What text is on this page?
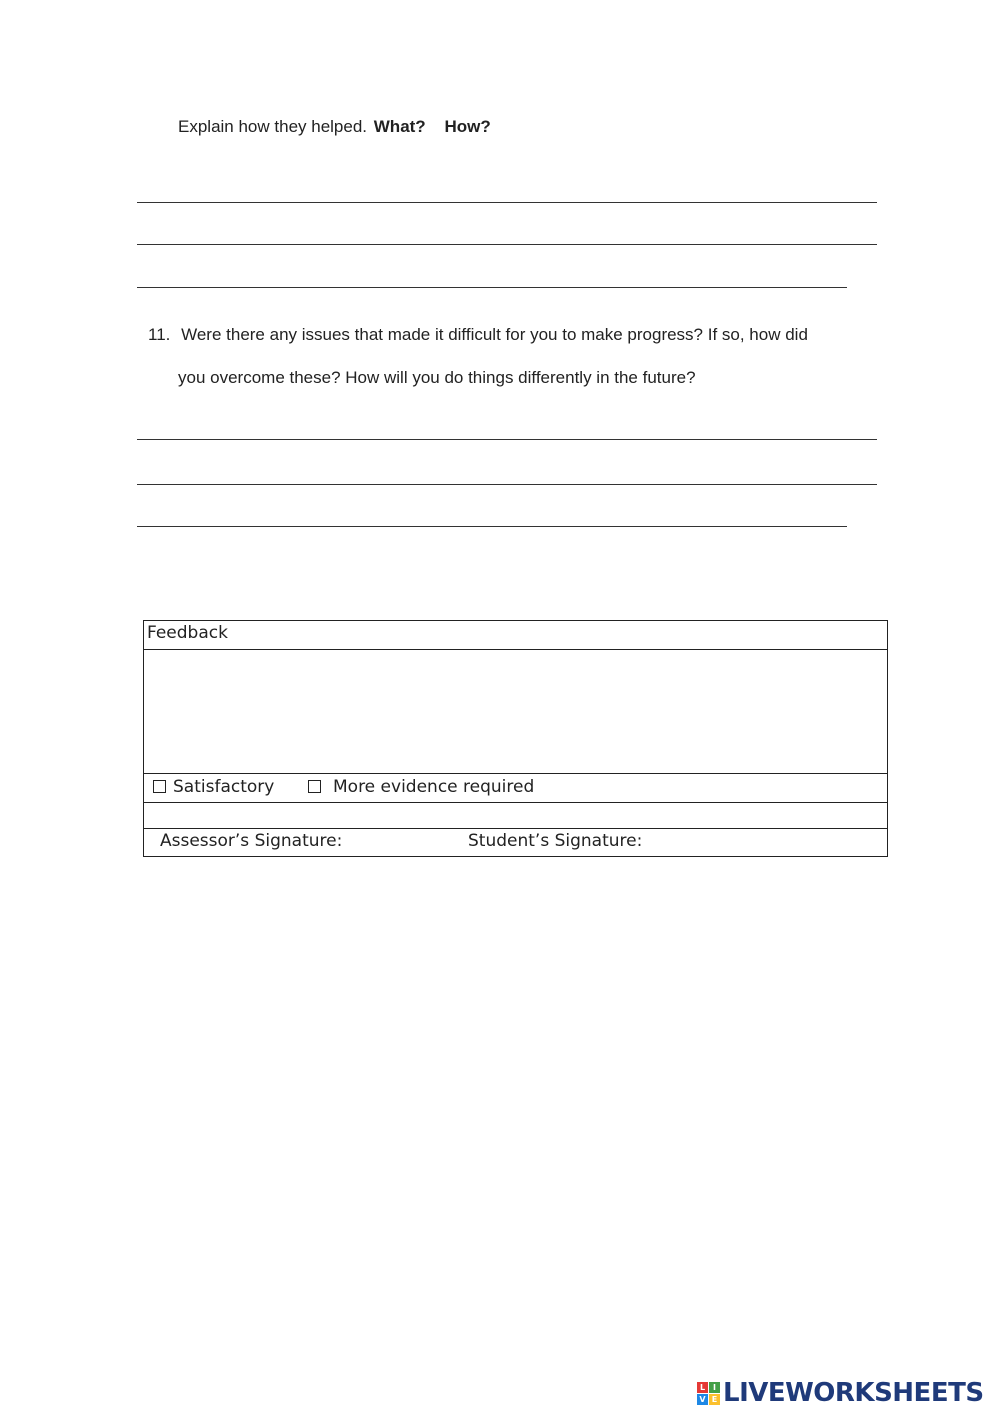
Explain how they helped. What? How?
11. Were there any issues that made it difficult for you to make progress? If so, how did
you overcome these? How will you do things differently in the future?
Feedback
Satisfactory	More evidence required
Assessor’s Signature:	Student’s Signature:
L I
V E LIVEWORKSHEETS
